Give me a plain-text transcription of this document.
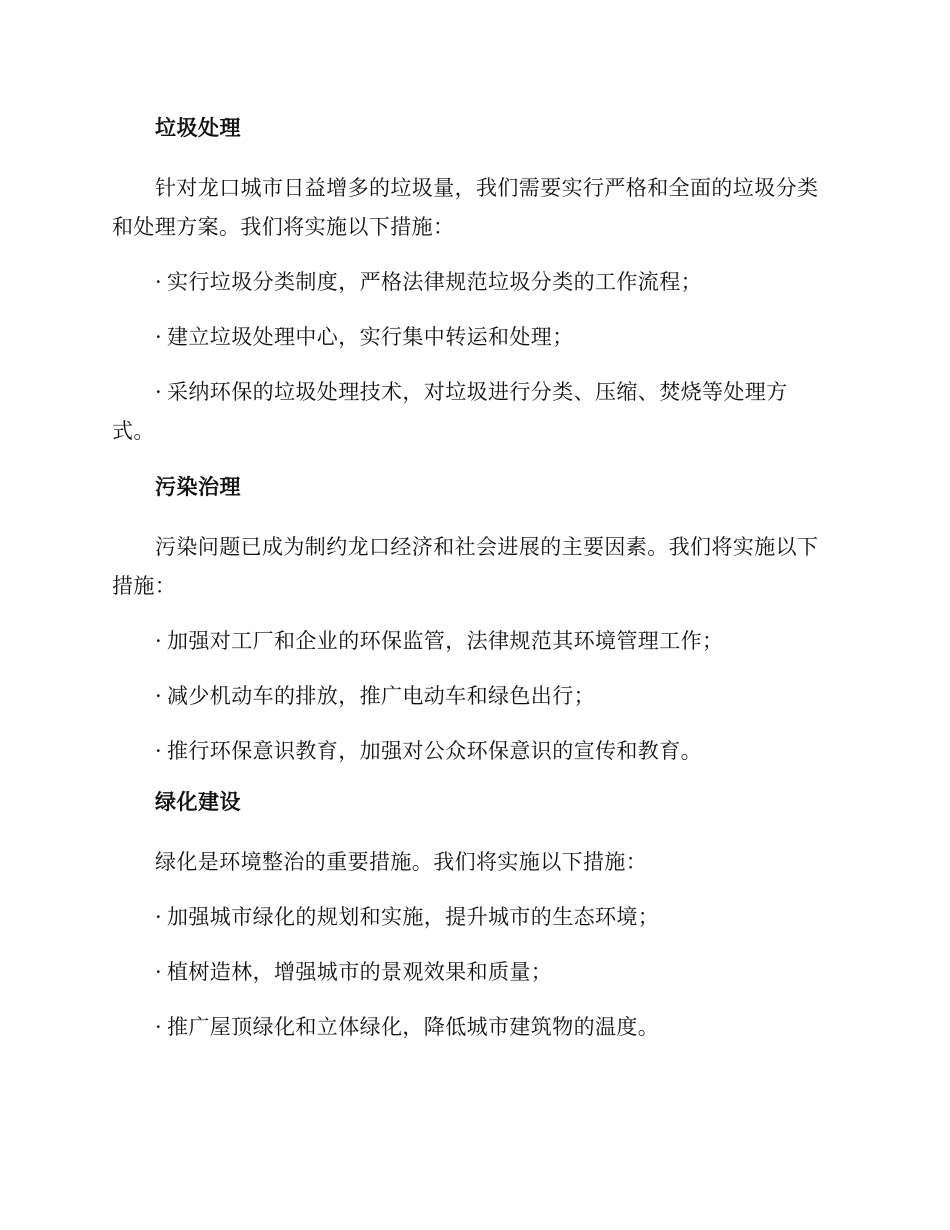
垃圾处理

针对龙口城市日益增多的垃圾量，我们需要实行严格和全面的垃圾分类和处理方案。我们将实施以下措施：

· 实行垃圾分类制度，严格法律规范垃圾分类的工作流程；

· 建立垃圾处理中心，实行集中转运和处理；

· 采纳环保的垃圾处理技术，对垃圾进行分类、压缩、焚烧等处理方式。

污染治理

污染问题已成为制约龙口经济和社会进展的主要因素。我们将实施以下措施：

· 加强对工厂和企业的环保监管，法律规范其环境管理工作；

· 减少机动车的排放，推广电动车和绿色出行；

· 推行环保意识教育，加强对公众环保意识的宣传和教育。

绿化建设

绿化是环境整治的重要措施。我们将实施以下措施：

· 加强城市绿化的规划和实施，提升城市的生态环境；

· 植树造林，增强城市的景观效果和质量；

· 推广屋顶绿化和立体绿化，降低城市建筑物的温度。
